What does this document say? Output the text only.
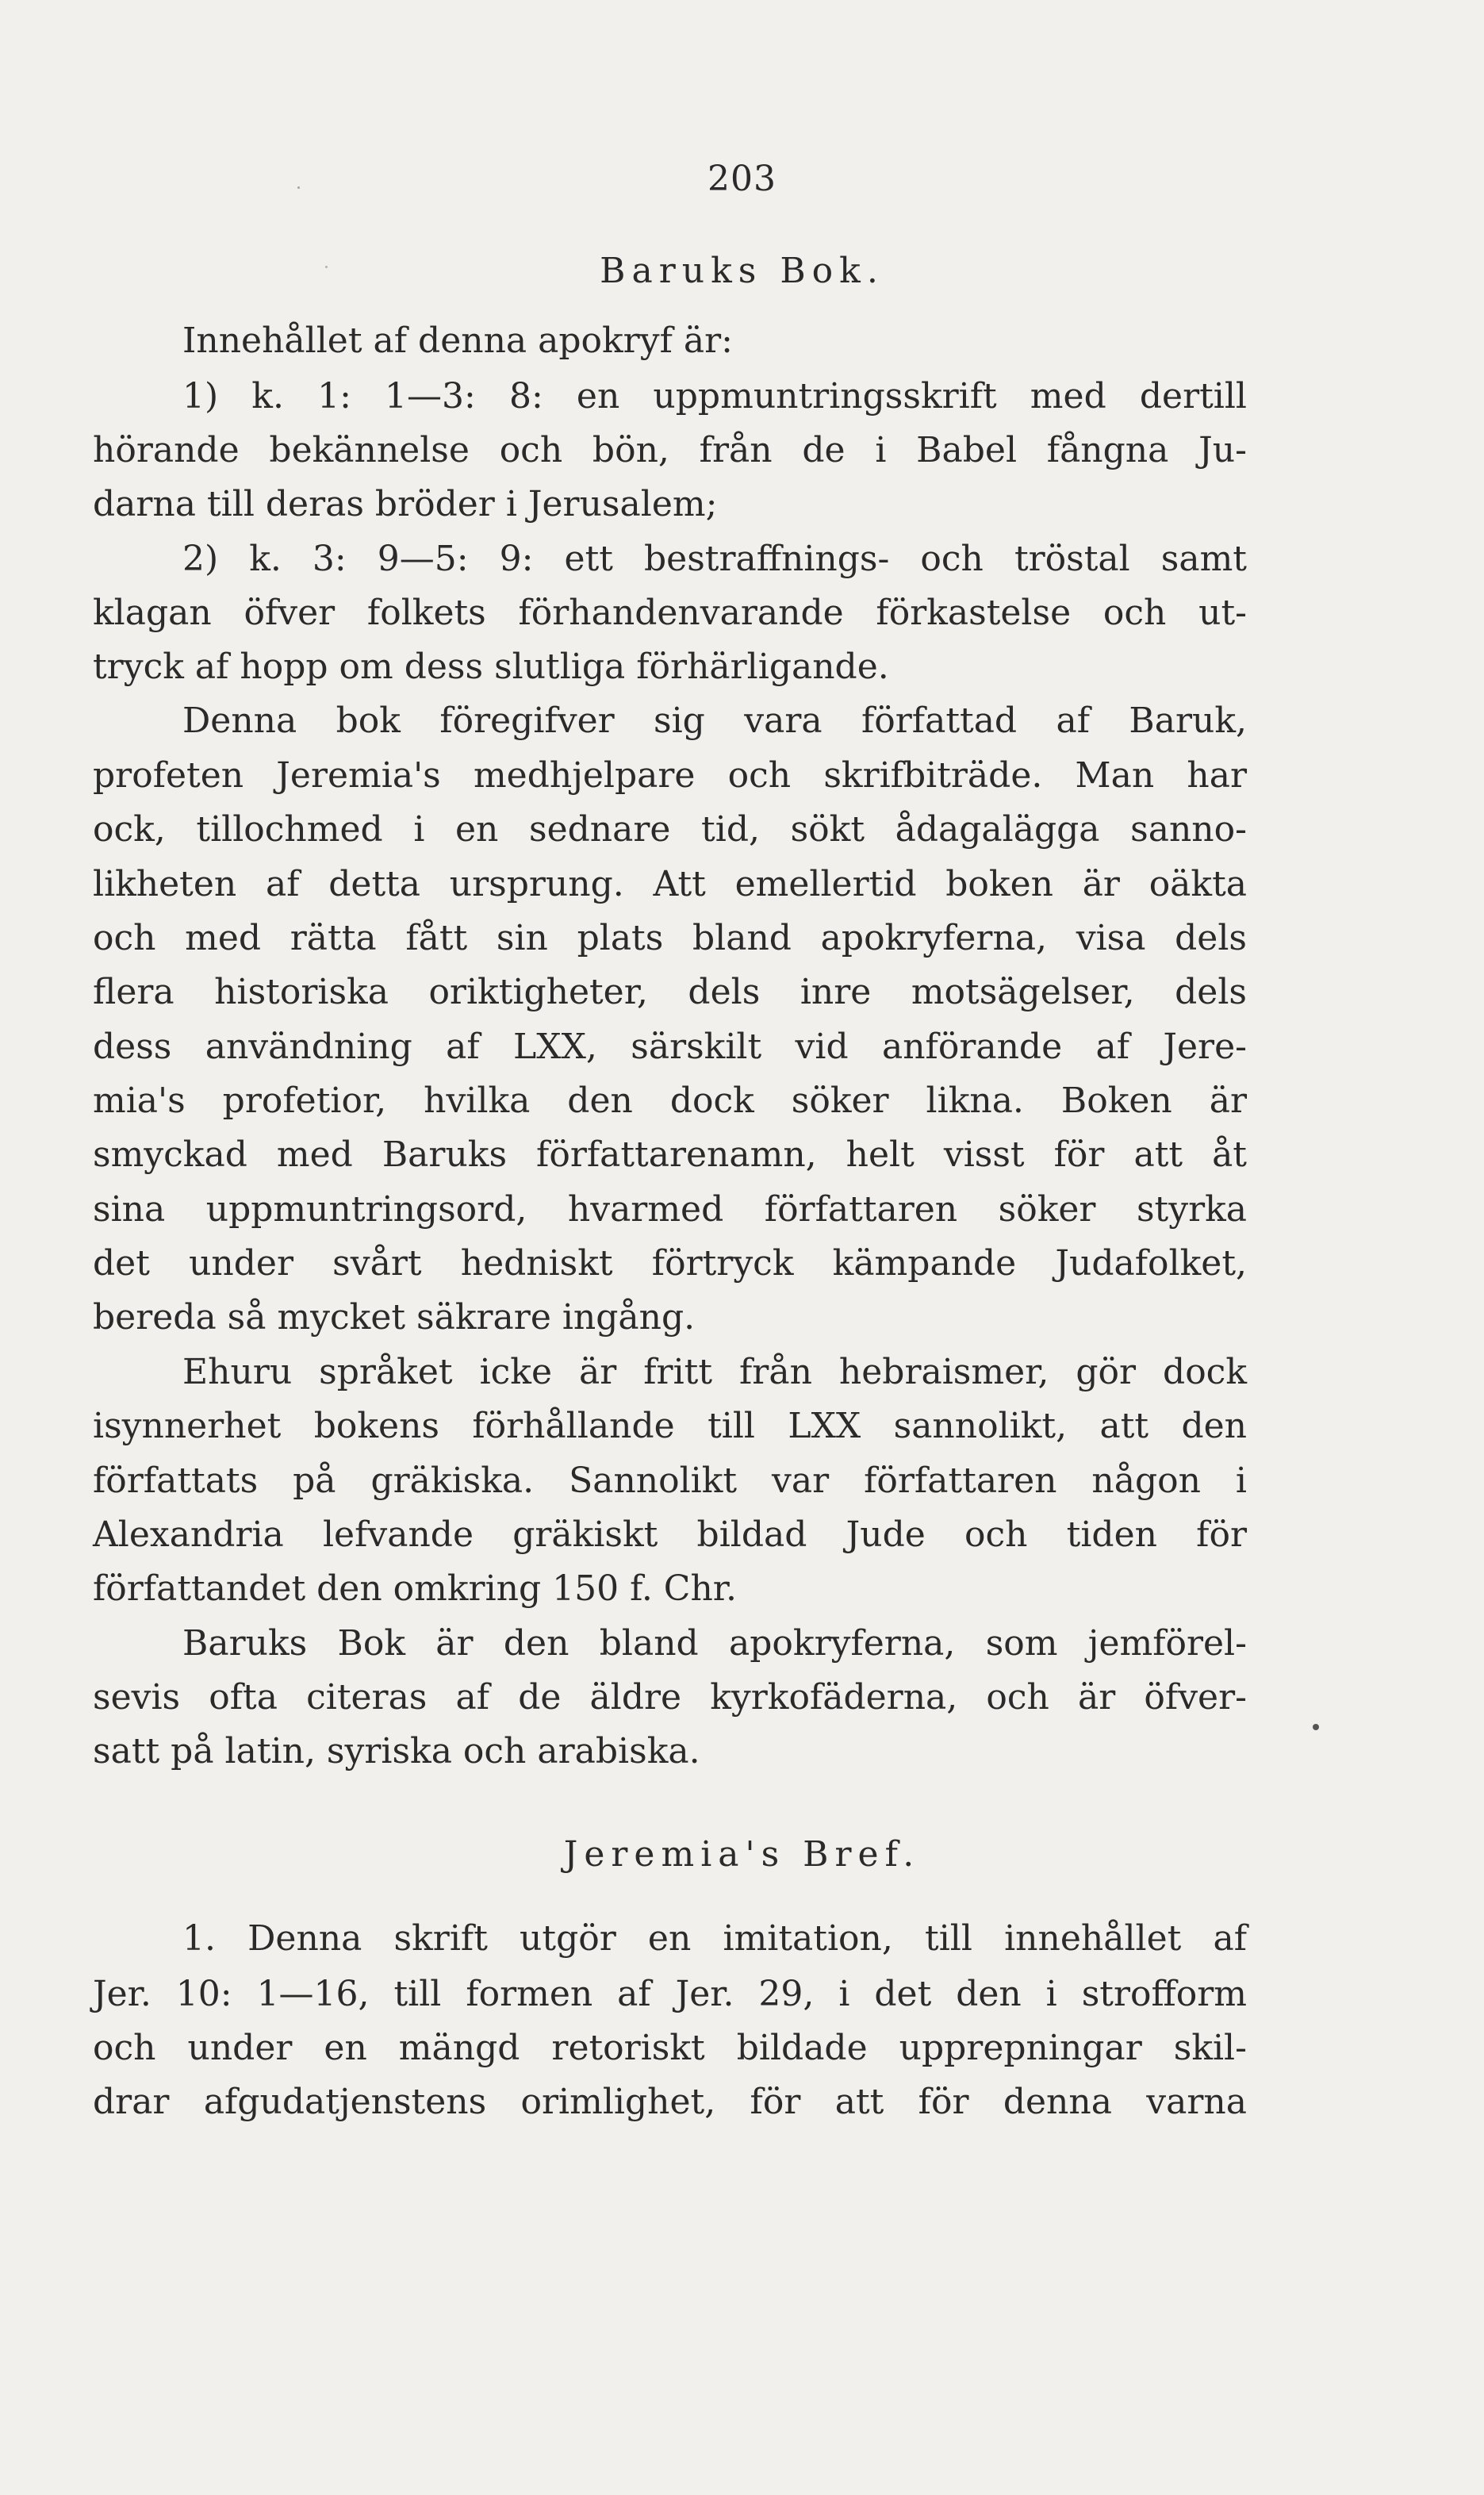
203
Baruks Bok.
Innehållet af denna apokryf är:
1) k. 1: 1—3: 8: en uppmuntringsskrift med dertill
hörande bekännelse och bön, från de i Babel fångna Ju-
darna till deras bröder i Jerusalem;
2) k. 3: 9—5: 9: ett bestraffnings- och tröstal samt
klagan öfver folkets förhandenvarande förkastelse och ut-
tryck af hopp om dess slutliga förhärligande.
Denna bok föregifver sig vara författad af Baruk,
profeten Jeremia's medhjelpare och skrifbiträde. Man har
ock, tillochmed i en sednare tid, sökt ådagalägga sanno-
likheten af detta ursprung. Att emellertid boken är oäkta
och med rätta fått sin plats bland apokryferna, visa dels
flera historiska oriktigheter, dels inre motsägelser, dels
dess användning af LXX, särskilt vid anförande af Jere-
mia's profetior, hvilka den dock söker likna. Boken är
smyckad med Baruks författarenamn, helt visst för att åt
sina uppmuntringsord, hvarmed författaren söker styrka
det under svårt hedniskt förtryck kämpande Judafolket,
bereda så mycket säkrare ingång.
Ehuru språket icke är fritt från hebraismer, gör dock
isynnerhet bokens förhållande till LXX sannolikt, att den
författats på gräkiska. Sannolikt var författaren någon i
Alexandria lefvande gräkiskt bildad Jude och tiden för
författandet den omkring 150 f. Chr.
Baruks Bok är den bland apokryferna, som jemförel-
sevis ofta citeras af de äldre kyrkofäderna, och är öfver-
satt på latin, syriska och arabiska.
Jeremia's Bref.
1. Denna skrift utgör en imitation, till innehållet af
Jer. 10: 1—16, till formen af Jer. 29, i det den i strofform
och under en mängd retoriskt bildade upprepningar skil-
drar afgudatjenstens orimlighet, för att för denna varna
